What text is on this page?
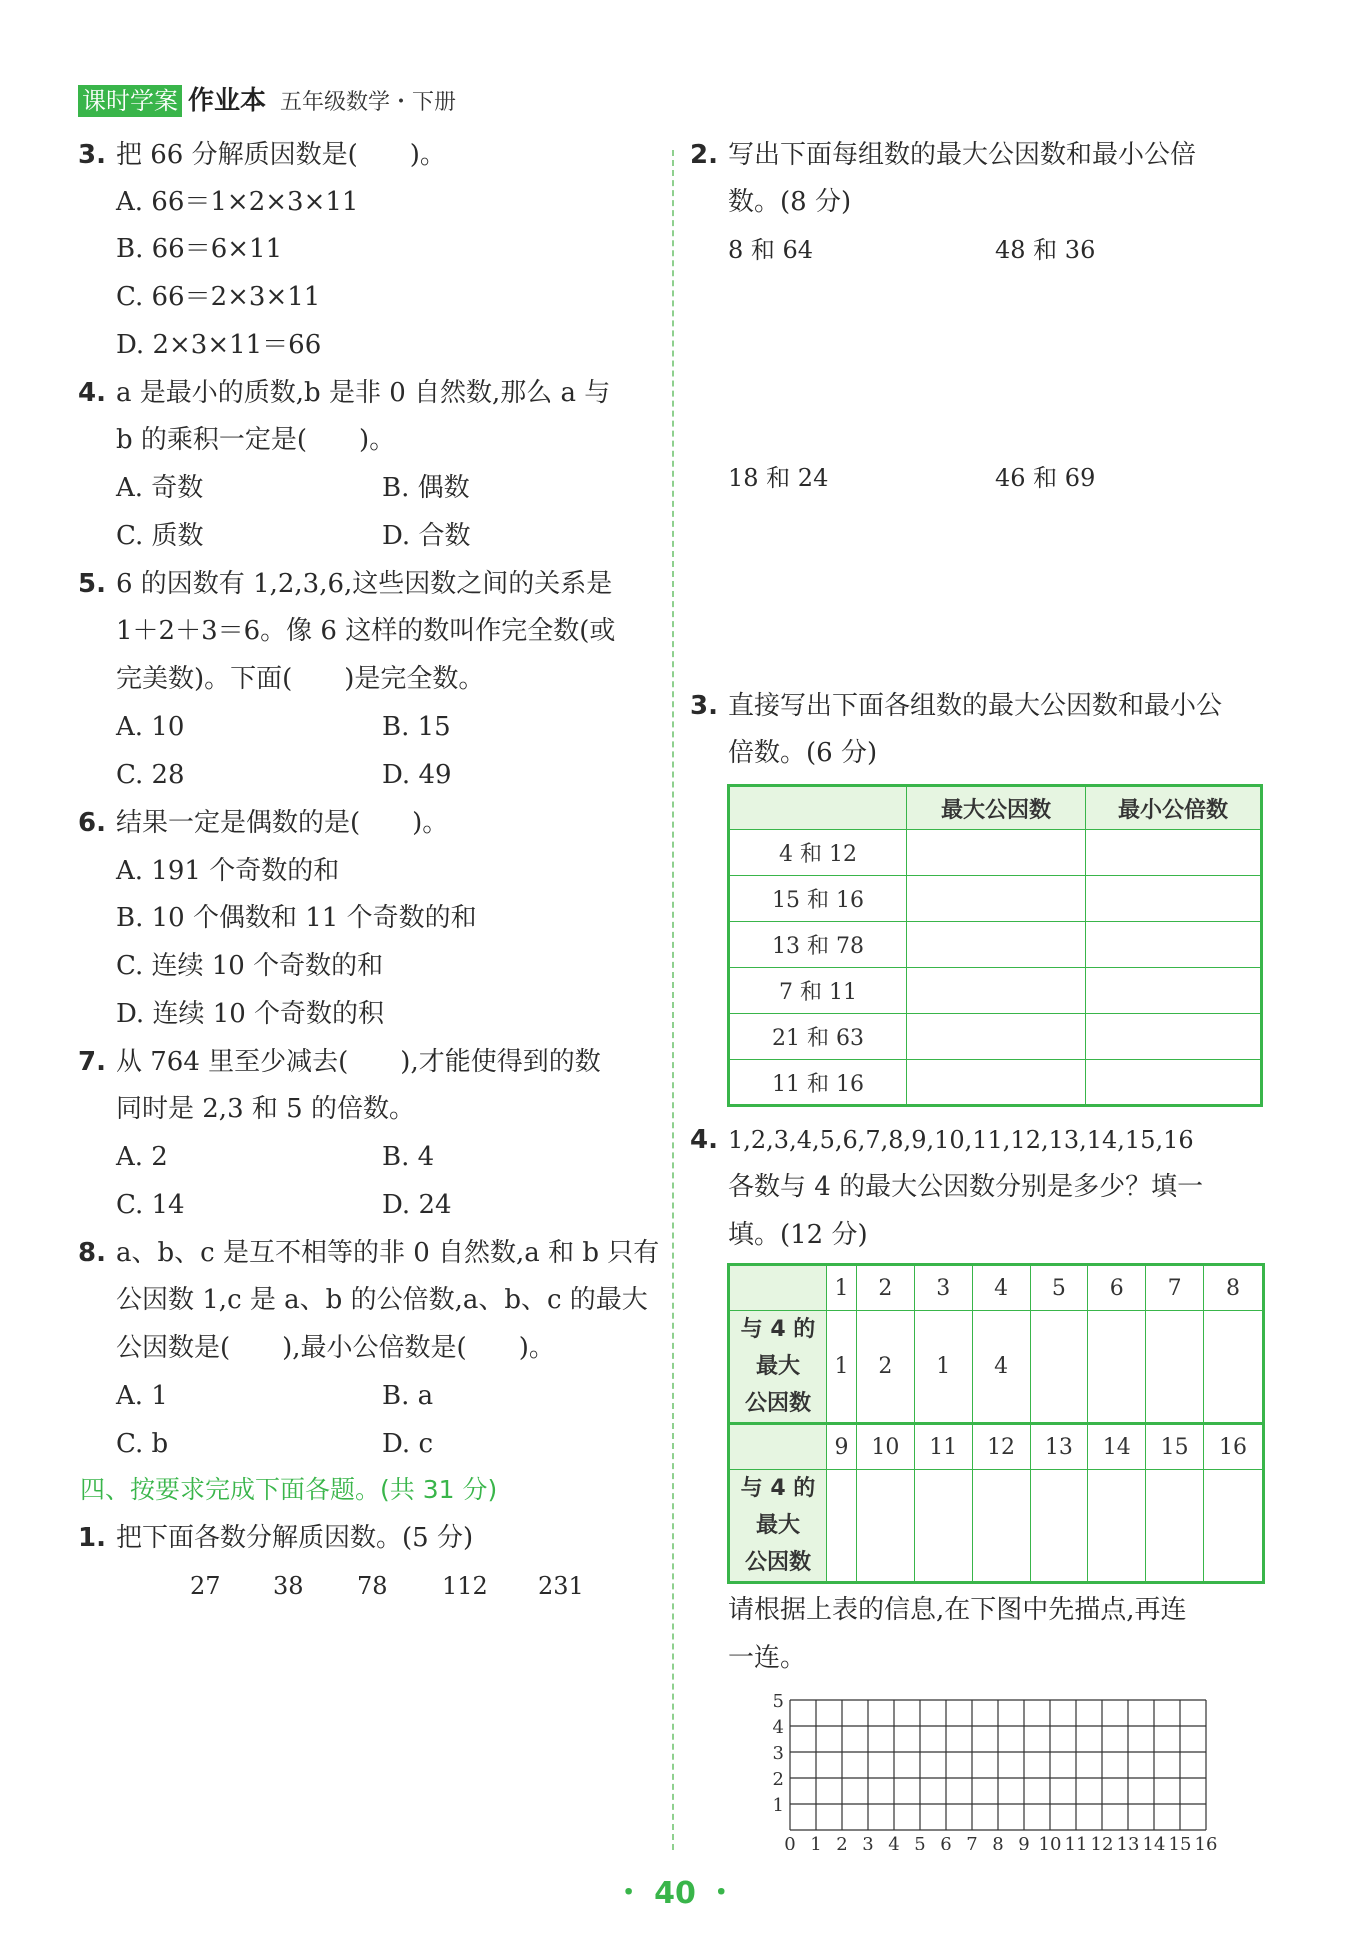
课时学案 作业本 五年级数学・下册
3. 把 66 分解质因数是(　　)。
A. 66＝1×2×3×11
B. 66＝6×11
C. 66＝2×3×11
D. 2×3×11＝66
4. a 是最小的质数,b 是非 0 自然数,那么 a 与
b 的乘积一定是(　　)。
A. 奇数	B. 偶数
C. 质数	D. 合数
5. 6 的因数有 1,2,3,6,这些因数之间的关系是
1＋2＋3＝6。像 6 这样的数叫作完全数(或
完美数)。下面(　　)是完全数。
A. 10	B. 15
C. 28	D. 49
6. 结果一定是偶数的是(　　)。
A. 191 个奇数的和
B. 10 个偶数和 11 个奇数的和
C. 连续 10 个奇数的和
D. 连续 10 个奇数的积
7. 从 764 里至少减去(　　),才能使得到的数
同时是 2,3 和 5 的倍数。
A. 2	B. 4
C. 14	D. 24
8. a、b、c 是互不相等的非 0 自然数,a 和 b 只有
公因数 1,c 是 a、b 的公倍数,a、b、c 的最大
公因数是(　　),最小公倍数是(　　)。
A. 1	B. a
C. b	D. c
四、按要求完成下面各题。(共 31 分)
1. 把下面各数分解质因数。(5 分)
27 38 78 112 231
2. 写出下面每组数的最大公因数和最小公倍
数。(8 分)
8 和 64	48 和 36
18 和 24	46 和 69
3. 直接写出下面各组数的最大公因数和最小公
倍数。(6 分)
	最大公因数	最小公倍数
4 和 12		
15 和 16		
13 和 78		
7 和 11		
21 和 63		
11 和 16		
4. 1,2,3,4,5,6,7,8,9,10,11,12,13,14,15,16
各数与 4 的最大公因数分别是多少？填一
填。(12 分)
	1	2	3	4	5	6	7	8
与 4 的
最大
公因数	1	2	1	4				
	9	10	11	12	13	14	15	16
与 4 的
最大
公因数								
请根据上表的信息,在下图中先描点,再连
一连。
0 1 2 3 4 5 6 7 8 9 10 11 12 13 14 15 16
5
4
3
2
1
・ 40 ・
